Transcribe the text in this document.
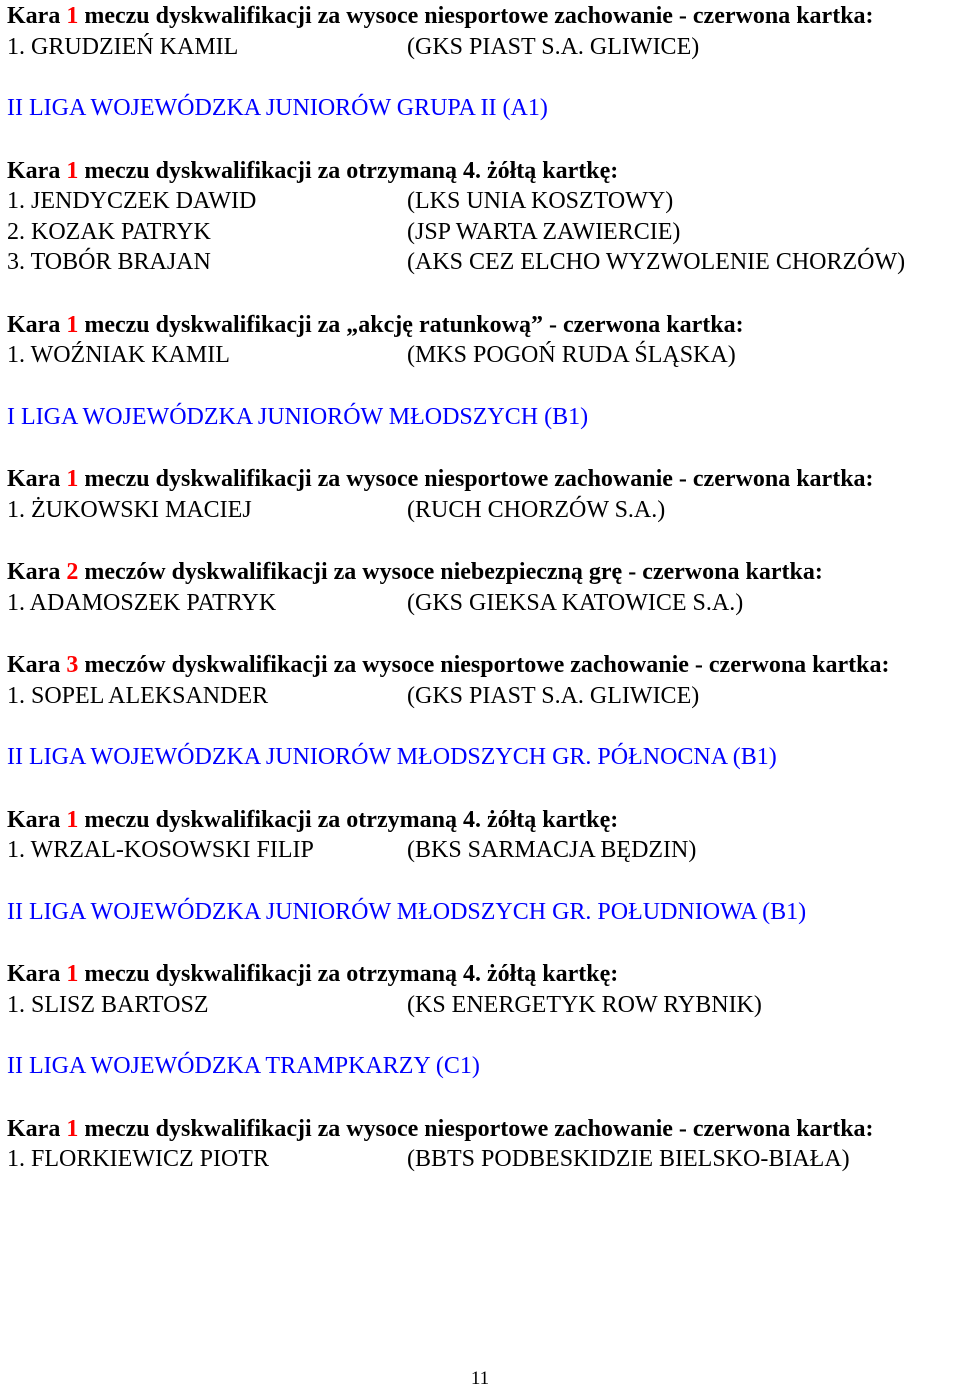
Kara 1 meczu dyskwalifikacji za wysoce niesportowe zachowanie - czerwona kartka:
1. GRUDZIEŃ KAMIL	(GKS PIAST S.A. GLIWICE)
II LIGA WOJEWÓDZKA JUNIORÓW GRUPA II (A1)
Kara 1 meczu dyskwalifikacji za otrzymaną 4. żółtą kartkę:
1. JENDYCZEK DAWID	(LKS UNIA KOSZTOWY)
2. KOZAK PATRYK	(JSP WARTA ZAWIERCIE)
3. TOBÓR BRAJAN	(AKS CEZ ELCHO WYZWOLENIE CHORZÓW)
Kara 1 meczu dyskwalifikacji za „akcję ratunkową” - czerwona kartka:
1. WOŹNIAK KAMIL	(MKS POGOŃ RUDA ŚLĄSKA)
I LIGA WOJEWÓDZKA JUNIORÓW MŁODSZYCH (B1)
Kara 1 meczu dyskwalifikacji za wysoce niesportowe zachowanie - czerwona kartka:
1. ŻUKOWSKI MACIEJ	(RUCH CHORZÓW S.A.)
Kara 2 meczów dyskwalifikacji za wysoce niebezpieczną grę - czerwona kartka:
1. ADAMOSZEK PATRYK	(GKS GIEKSA KATOWICE S.A.)
Kara 3 meczów dyskwalifikacji za wysoce niesportowe zachowanie - czerwona kartka:
1. SOPEL ALEKSANDER	(GKS PIAST S.A. GLIWICE)
II LIGA WOJEWÓDZKA JUNIORÓW MŁODSZYCH GR. PÓŁNOCNA (B1)
Kara 1 meczu dyskwalifikacji za otrzymaną 4. żółtą kartkę:
1. WRZAL-KOSOWSKI FILIP	(BKS SARMACJA BĘDZIN)
II LIGA WOJEWÓDZKA JUNIORÓW MŁODSZYCH GR. POŁUDNIOWA (B1)
Kara 1 meczu dyskwalifikacji za otrzymaną 4. żółtą kartkę:
1. SLISZ BARTOSZ	(KS ENERGETYK ROW RYBNIK)
II LIGA WOJEWÓDZKA TRAMPKARZY (C1)
Kara 1 meczu dyskwalifikacji za wysoce niesportowe zachowanie - czerwona kartka:
1. FLORKIEWICZ PIOTR	(BBTS PODBESKIDZIE BIELSKO-BIAŁA)
11
